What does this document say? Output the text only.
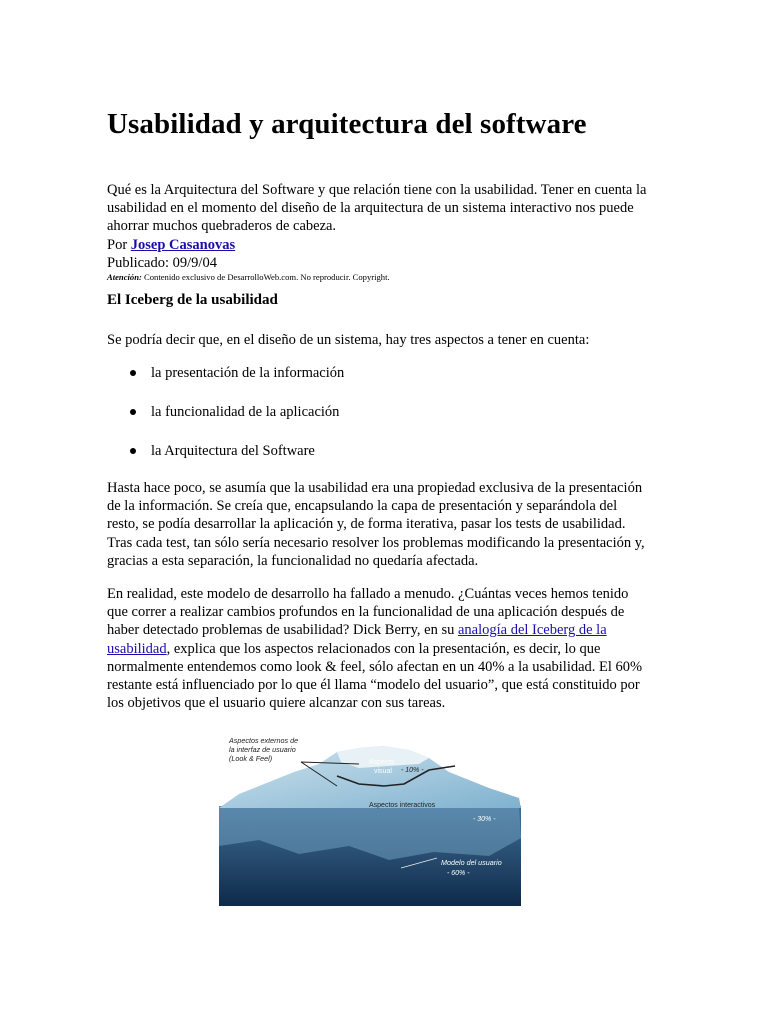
Usabilidad y arquitectura del software
Qué es la Arquitectura del Software y que relación tiene con la usabilidad. Tener en cuenta la usabilidad en el momento del diseño de la arquitectura de un sistema interactivo nos puede ahorrar muchos quebraderos de cabeza.
Por Josep Casanovas
Publicado: 09/9/04
Atención: Contenido exclusivo de DesarrolloWeb.com. No reproducir. Copyright.
El Iceberg de la usabilidad
Se podría decir que, en el diseño de un sistema, hay tres aspectos a tener en cuenta:
la presentación de la información
la funcionalidad de la aplicación
la Arquitectura del Software
Hasta hace poco, se asumía que la usabilidad era una propiedad exclusiva de la presentación de la información. Se creía que, encapsulando la capa de presentación y separándola del resto, se podía desarrollar la aplicación y, de forma iterativa, pasar los tests de usabilidad. Tras cada test, tan sólo sería necesario resolver los problemas modificando la presentación y, gracias a esta separación, la funcionalidad no quedaría afectada.
En realidad, este modelo de desarrollo ha fallado a menudo. ¿Cuántas veces hemos tenido que correr a realizar cambios profundos en la funcionalidad de una aplicación después de haber detectado problemas de usabilidad? Dick Berry, en su analogía del Iceberg de la usabilidad, explica que los aspectos relacionados con la presentación, es decir, lo que normalmente entendemos como look & feel, sólo afectan en un 40% a la usabilidad. El 60% restante está influenciado por lo que él llama “modelo del usuario”, que está constituido por los objetivos que el usuario quiere alcanzar con sus tareas.
Aspectos externos de
la interfaz de usuario
(Look & Feel)	Aspecto
visual - 10% -
Aspectos interactivos
- 30% -
Modelo del usuario
- 60% -
